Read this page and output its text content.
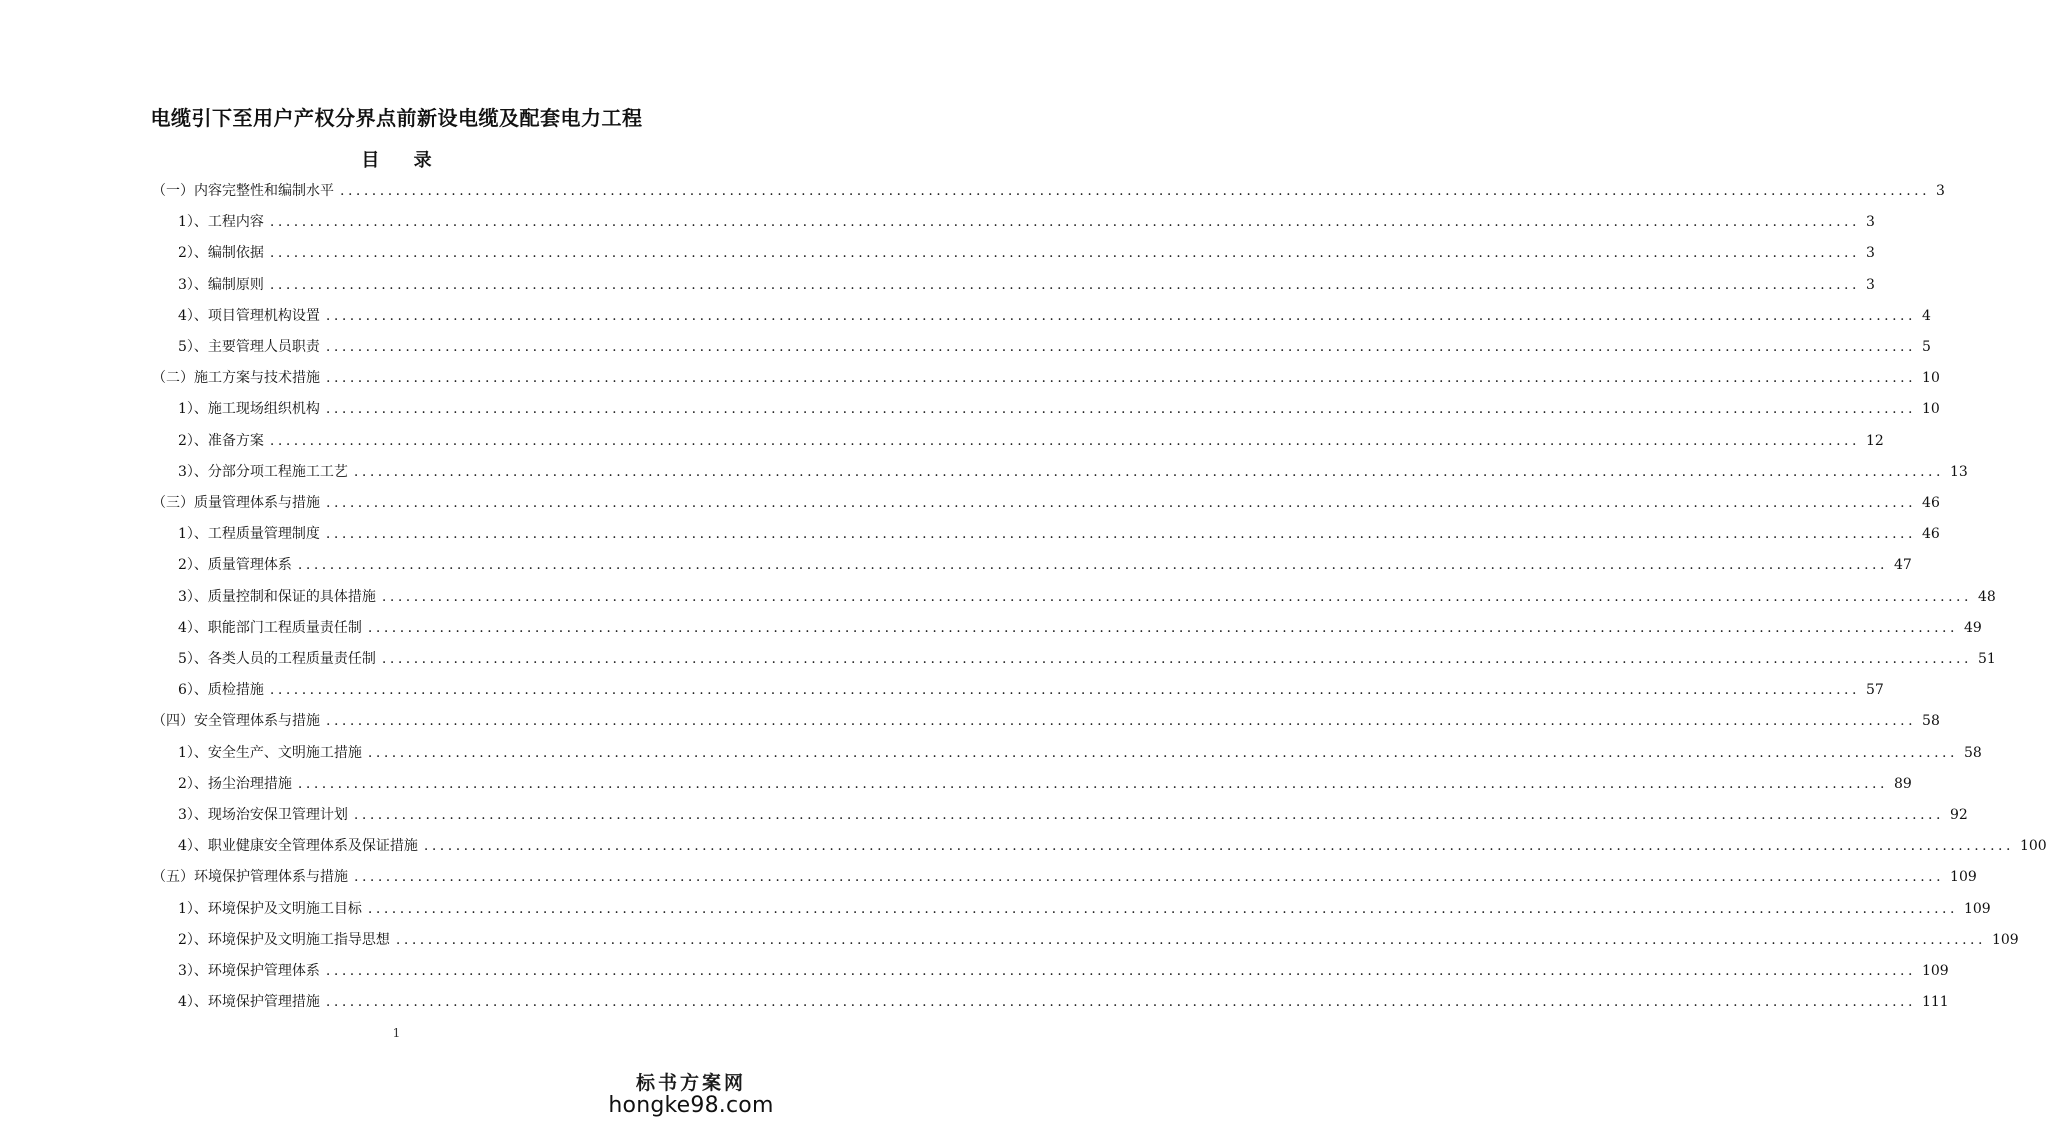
电缆引下至用户产权分界点前新设电缆及配套电力工程
目 录
（一）内容完整性和编制水平 ........................................................................................................................................................................................................ 3
1）、工程内容 ........................................................................................................................................................................................................ 3
2）、编制依据 ........................................................................................................................................................................................................ 3
3）、编制原则 ........................................................................................................................................................................................................ 3
4）、项目管理机构设置 ........................................................................................................................................................................................................ 4
5）、主要管理人员职责 ........................................................................................................................................................................................................ 5
（二）施工方案与技术措施 ........................................................................................................................................................................................................ 10
1）、施工现场组织机构 ........................................................................................................................................................................................................ 10
2）、准备方案 ........................................................................................................................................................................................................ 12
3）、分部分项工程施工工艺 ........................................................................................................................................................................................................ 13
（三）质量管理体系与措施 ........................................................................................................................................................................................................ 46
1）、工程质量管理制度 ........................................................................................................................................................................................................ 46
2）、质量管理体系 ........................................................................................................................................................................................................ 47
3）、质量控制和保证的具体措施 ........................................................................................................................................................................................................ 48
4）、职能部门工程质量责任制 ........................................................................................................................................................................................................ 49
5）、各类人员的工程质量责任制 ........................................................................................................................................................................................................ 51
6）、质检措施 ........................................................................................................................................................................................................ 57
（四）安全管理体系与措施 ........................................................................................................................................................................................................ 58
1）、安全生产、文明施工措施 ........................................................................................................................................................................................................ 58
2）、扬尘治理措施 ........................................................................................................................................................................................................ 89
3）、现场治安保卫管理计划 ........................................................................................................................................................................................................ 92
4）、职业健康安全管理体系及保证措施 ........................................................................................................................................................................................................ 100
（五）环境保护管理体系与措施 ........................................................................................................................................................................................................ 109
1）、环境保护及文明施工目标 ........................................................................................................................................................................................................ 109
2）、环境保护及文明施工指导思想 ........................................................................................................................................................................................................ 109
3）、环境保护管理体系 ........................................................................................................................................................................................................ 109
4）、环境保护管理措施 ........................................................................................................................................................................................................ 111
1
标书方案网
hongke98.com
